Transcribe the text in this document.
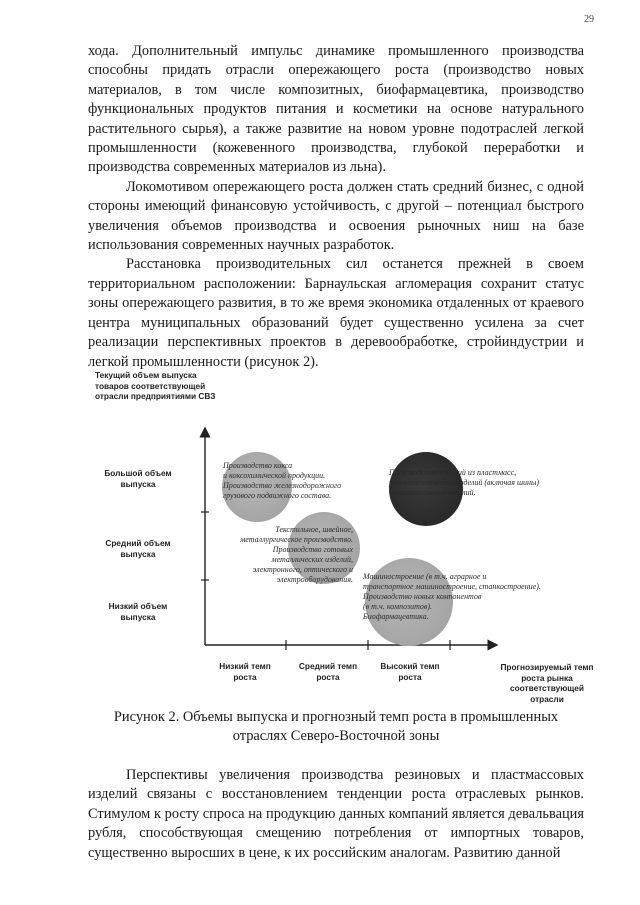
29

хода. Дополнительный импульс динамике промышленного производства способны придать отрасли опережающего роста (производство новых материалов, в том числе композитных, биофармацевтика, производство функциональных продуктов питания и косметики на основе натурального растительного сырья), а также развитие на новом уровне подотраслей легкой промышленности (кожевенного производства, глубокой переработки и производства современных материалов из льна).

Локомотивом опережающего роста должен стать средний бизнес, с одной стороны имеющий финансовую устойчивость, с другой – потенциал быстрого увеличения объемов производства и освоения рыночных ниш на базе использования современных научных разработок.

Расстановка производительных сил останется прежней в своем территориальном расположении: Барнаульская агломерация сохранит статус зоны опережающего развития, в то же время экономика отдаленных от краевого центра муниципальных образований будет существенно усилена за счет реализации перспективных проектов в деревообработке, стройиндустрии и легкой промышленности (рисунок 2).

Текущий объем выпуска товаров соответствующей отрасли предприятиями СВЗ
Большой объем выпуска
Средний объем выпуска
Низкий объем выпуска
Низкий темп роста
Средний темп роста
Высокий темп роста
Прогнозируемый темп роста рынка соответствующей отрасли
Производство кокса
и коксохимической продукции.
Производство железнодорожного
грузового подвижного состава.
Производство изделий из пластмасс,
резинотехнических изделий (включая шины)
и лакокрасочных изделий.
Текстильное, швейное,
металлургическое производство.
Производство готовых
металлических изделий,
электронного, оптического и
электрооборудования. Машиностроение (в т.ч. аграрное и
транспортное машиностроение, станкостроение).
Производство новых компонентов
(в т.ч. композитов).
Биофармацевтика.
Рисунок 2. Объемы выпуска и прогнозный темп роста в промышленных отраслях Северо-Восточной зоны

Перспективы увеличения производства резиновых и пластмассовых изделий связаны с восстановлением тенденции роста отраслевых рынков. Стимулом к росту спроса на продукцию данных компаний является девальвация рубля, способствующая смещению потребления от импортных товаров, существенно выросших в цене, к их российским аналогам. Развитию данной
